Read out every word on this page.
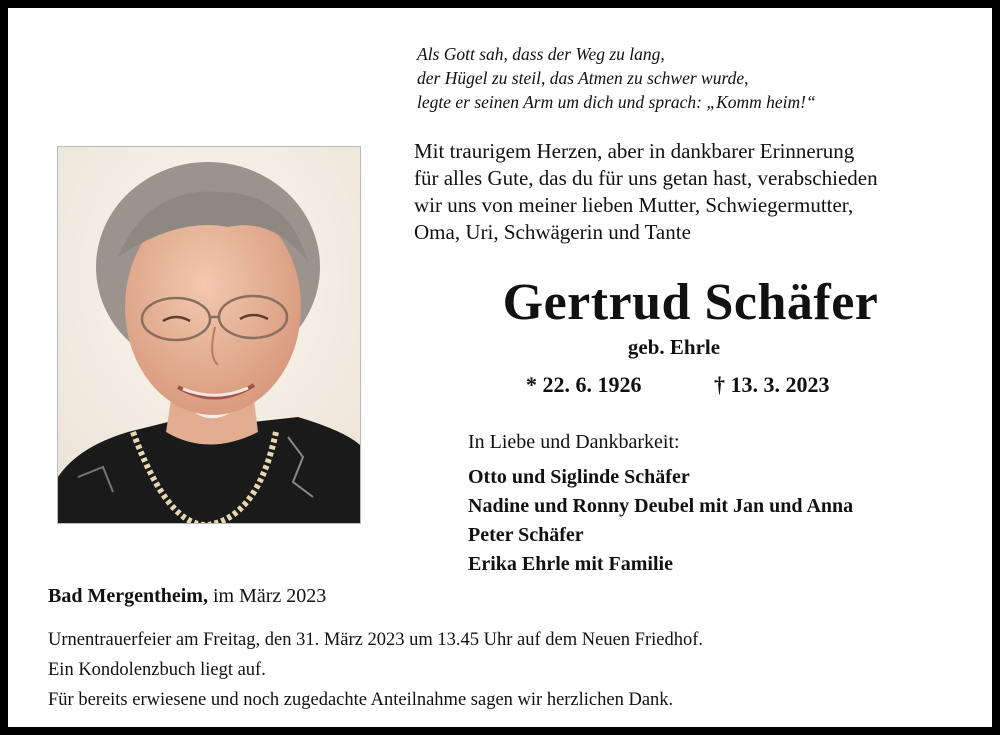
Als Gott sah, dass der Weg zu lang,
der Hügel zu steil, das Atmen zu schwer wurde,
legte er seinen Arm um dich und sprach: „Komm heim!“
Mit traurigem Herzen, aber in dankbarer Erinnerung
für alles Gute, das du für uns getan hast, verabschieden
wir uns von meiner lieben Mutter, Schwiegermutter,
Oma, Uri, Schwägerin und Tante
Gertrud Schäfer
geb. Ehrle
* 22. 6. 1926	† 13. 3. 2023
In Liebe und Dankbarkeit:
Otto und Siglinde Schäfer
Nadine und Ronny Deubel mit Jan und Anna
Peter Schäfer
Erika Ehrle mit Familie
Bad Mergentheim, im März 2023
Urnentrauerfeier am Freitag, den 31. März 2023 um 13.45 Uhr auf dem Neuen Friedhof.
Ein Kondolenzbuch liegt auf.
Für bereits erwiesene und noch zugedachte Anteilnahme sagen wir herzlichen Dank.
